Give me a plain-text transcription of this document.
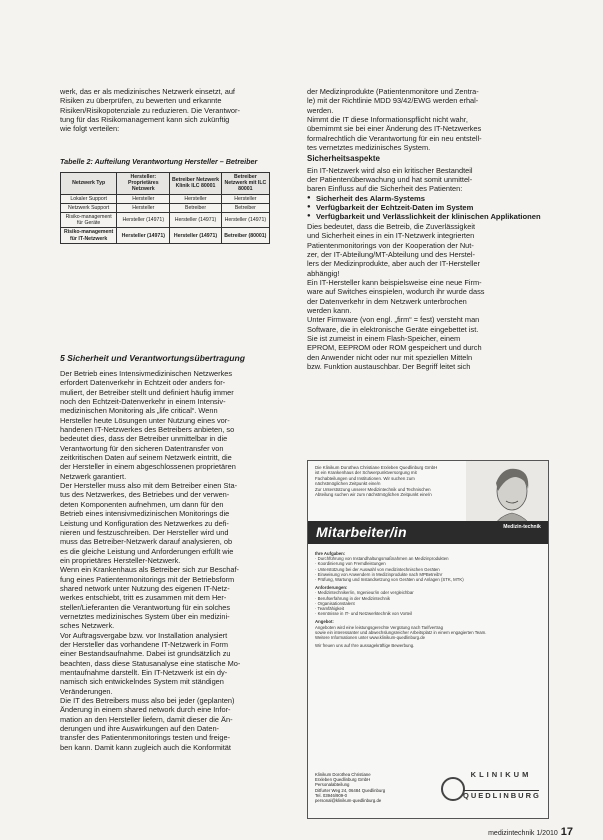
werk, das er als medizinisches Netzwerk einsetzt, auf
Risiken zu überprüfen, zu bewerten und erkannte
Risiken/Risikopotenziale zu reduzieren. Die Verantwor-
tung für das Risikomanagement kann sich zukünftig
wie folgt verteilen:
Tabelle 2: Aufteilung Verantwortung Hersteller – Betreiber
Netzwerk Typ	Hersteller: Proprietäres Netzwerk	Betreiber Netzwerk Klinik ILC 80001	Betreiber Netzwerk mit ILC 80001
Lokaler Support	Hersteller	Hersteller	Hersteller
Netzwerk Support	Hersteller	Betreiber	Betreiber
Risiko-management für Geräte	Hersteller (14971)	Hersteller (14971)	Hersteller (14971)
Risiko-management für IT-Netzwerk	Hersteller (14971)	Hersteller (14971)	Betreiber (80001)
5 Sicherheit und Verantwortungsübertragung
Der Betrieb eines Intensivmedizinischen Netzwerkes
erfordert Datenverkehr in Echtzeit oder anders for-
muliert, der Betreiber stellt und definiert häufig immer
noch den Echtzeit-Datenverkehr in einem Intensiv-
medizinischen Monitoring als „life critical“. Wenn
Hersteller heute Lösungen unter Nutzung eines vor-
handenen IT-Netzwerkes des Betreibers anbieten, so
bedeutet dies, dass der Betreiber unmittelbar in die
Verantwortung für den sicheren Datentransfer von
zeitkritischen Daten auf seinem Netzwerk eintritt, die
der Hersteller in einem abgeschlossenen proprietären
Netzwerk garantiert.
Der Hersteller muss also mit dem Betreiber einen Sta-
tus des Netzwerkes, des Betriebes und der verwen-
deten Komponenten aufnehmen, um dann für den
Betrieb eines intensivmedizinischen Monitorings die
Leistung und Konfiguration des Netzwerkes zu defi-
nieren und festzuschreiben. Der Hersteller wird und
muss das Betreiber-Netzwerk darauf analysieren, ob
es die gleiche Leistung und Anforderungen erfüllt wie
ein proprietäres Hersteller-Netzwerk.
Wenn ein Krankenhaus als Betreiber sich zur Beschaf-
fung eines Patientenmonitorings mit der Betriebsform
shared network unter Nutzung des eigenen IT-Netz-
werkes entschiebt, tritt es zusammen mit dem Her-
steller/Lieferanten die Verantwortung für ein solches
vernetztes medizinisches System über ein medizini-
sches Netzwerk.
Vor Auftragsvergabe bzw. vor Installation analysiert
der Hersteller das vorhandene IT-Netzwerk in Form
einer Bestandsaufnahme. Dabei ist grundsätzlich zu
beachten, dass diese Statusanalyse eine statische Mo-
mentaufnahme darstellt. Ein IT-Netzwerk ist ein dy-
namisch sich entwickelndes System mit ständigen
Veränderungen.
Die IT des Betreibers muss also bei jeder (geplanten)
Änderung in einem shared network durch eine Infor-
mation an den Hersteller liefern, damit dieser die Än-
derungen und ihre Auswirkungen auf den Daten-
transfer des Patientenmonitorings testen und freige-
ben kann. Damit kann zugleich auch die Konformität
der Medizinprodukte (Patientenmonitore und Zentra-
le) mit der Richtlinie MDD 93/42/EWG werden erhal-
werden.
Nimmt die IT diese Informationspflicht nicht wahr,
übernimmt sie bei einer Änderung des IT-Netzwerkes
formalrechtlich die Verantwortung für ein neu entstell-
tes vernetztes medizinisches System.
Sicherheitsaspekte
Ein IT-Netzwerk wird also ein kritischer Bestandteil
der Patientenüberwachung und hat somit unmittel-
baren Einfluss auf die Sicherheit des Patienten:
● Sicherheit des Alarm-Systems
● Verfügbarkeit der Echtzeit-Daten im System
● Verfügbarkeit und Verlässlichkeit der klinischen Applikationen
Dies bedeutet, dass die Betreib, die Zuverlässigkeit
und Sicherheit eines in ein IT-Netzwerk integrierten
Patientenmonitorings von der Kooperation der Nut-
zer, der IT-Abteilung/MT-Abteilung und des Herstel-
lers der Medizinprodukte, aber auch der IT-Hersteller
abhängig!
Ein IT-Hersteller kann beispielsweise eine neue Firm-
ware auf Switches einspielen, wodurch ihr wurde dass
der Datenverkehr in dem Netzwerk unterbrochen
werden kann.
Unter Firmware (von engl. „firm“ = fest) versteht man
Software, die in elektronische Geräte eingebettet ist.
Sie ist zumeist in einem Flash-Speicher, einem
EPROM, EEPROM oder ROM gespeichert und durch
den Anwender nicht oder nur mit speziellen Mitteln
bzw. Funktion austauschbar. Der Begriff leitet sich
Die Klinikum Dorothea Christiane Erxleben Quedlinburg GmbH
ist ein Krankenhaus der Schwerpunktversorgung mit
Fachabteilungen und Institutionen. Wir suchen zum
nächstmöglichen Zeitpunkt eine/n
Zur Unterstützung unserer Medizintechnik und Technischen
Abteilung suchen wir zum nächstmöglichen Zeitpunkt eine/n
Mitarbeiter/in	Medizin-technik
Ihre Aufgaben:
· Durchführung von Instandhaltungsmaßnahmen an Medizinprodukten
· Koordinierung von Fremdleistungen
· Unterstützung bei der Auswahl von medizintechnischen Geräten
· Einweisung von Anwendern in Medizinprodukte nach MPBetreibV
· Prüfung, Wartung und Instandsetzung von Geräten und Anlagen (STK, MTK)
Anforderungen:
· Medizintechniker/in, Ingenieur/in oder vergleichbar
· Berufserfahrung in der Medizintechnik
· Organisationstalent
· Teamfähigkeit
· Kenntnisse in IT- und Netzwerktechnik von Vorteil
Angebot:
Angeboten wird eine leistungsgerechte Vergütung nach Tarifvertrag
sowie ein interessanter und abwechslungsreicher Arbeitsplatz in einem engagierten Team.
Weitere Informationen unter www.klinikum-quedlinburg.de
Wir freuen uns auf Ihre aussagekräftige Bewerbung.
Klinikum Dorothea Christiane
Erxleben Quedlinburg GmbH
Personalabteilung
Ditfurter Weg 24, 06484 Quedlinburg
Tel. 03946/909-0
personal@klinikum-quedlinburg.de
KLINIKUM
QUEDLINBURG
medizintechnik 1/2010 17
